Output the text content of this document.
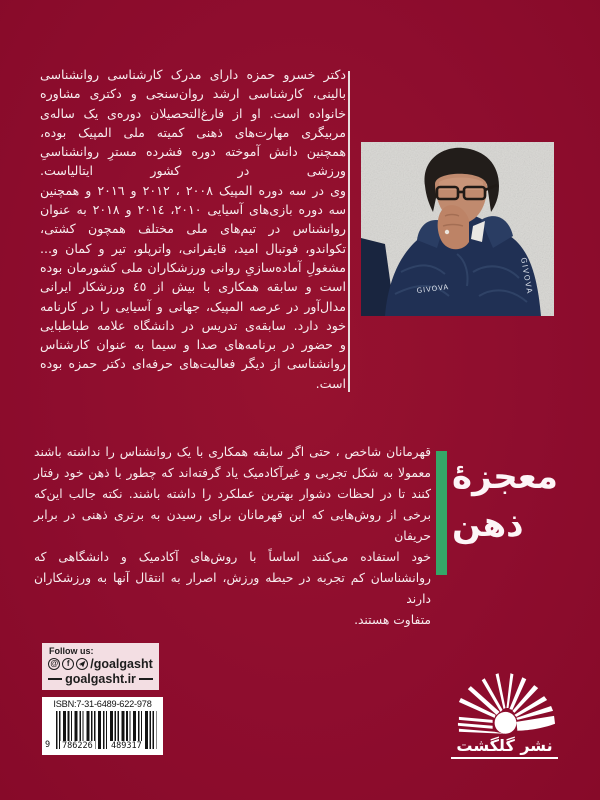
دکتر خسرو حمزه دارای مدرک کارشناسی روانشناسی
بالینی، کارشناسی ارشد روان‌سنجی و دکتری مشاوره
خانواده است. او از فارغ‌التحصیلان دوره‌ی یک ساله‌ی
مربیگری مهارت‌های ذهنی کمیته ملی المپیک بوده،
همچنین دانش آموخته دوره فشرده مسترِ روانشناسیِ
ورزشی در کشور ایتالیاست.
وی در سه دوره المپیک ۲۰۰۸ ، ۲۰۱۲ و ۲۰۱٦ و همچنین
سه دوره بازی‌های آسیایی ۲۰۱۰، ۲۰۱٤ و ۲۰۱۸ به عنوان
روانشناس در تیم‌های ملی مختلف همچون کشتی،
تکواندو، فوتبال امید، قایقرانی، واترپلو، تیر و کمان و...
مشغولِ آماده‌سازیِ روانی ورزشکاران ملی کشورمان بوده
است و سابقه همکاری با بیش از ٤٥ ورزشکار ایرانی
مدال‌آور در عرصه المپیک، جهانی و آسیایی را در کارنامه
خود دارد. سابقه‌ی تدریس در دانشگاه علامه طباطبایی
و حضور در برنامه‌های صدا و سیما به عنوان کارشناس
روانشناسی از دیگر فعالیت‌های حرفه‌ای دکتر حمزه بوده
است.
GIVOVA	GIVOVA
قهرمانان شاخص ، حتی اگر سابقه همکاری با یک روانشناس را نداشته باشند
معمولا به شکل تجربی و غیرآکادمیک یاد گرفته‌اند که چطور با ذهن خود رفتار
کنند تا در لحظات دشوار بهترین عملکرد را داشته باشند. نکته جالب این‌که
برخی از روش‌هایی که این قهرمانان برای رسیدن به برتری ذهنی در برابر حریفان
خود استفاده می‌کنند اساساً با روش‌های آکادمیک و دانشگاهی که
روانشناسان کم تجربه در حیطه ورزش، اصرار به انتقال آنها به ورزشکاران دارند
متفاوت هستند.
معجزۀ
ذهن
Follow us:
@	f	/goalgasht
goalgasht.ir
ISBN:7-31-6489-622-978
9 786226 489317	نشر گلگشت
